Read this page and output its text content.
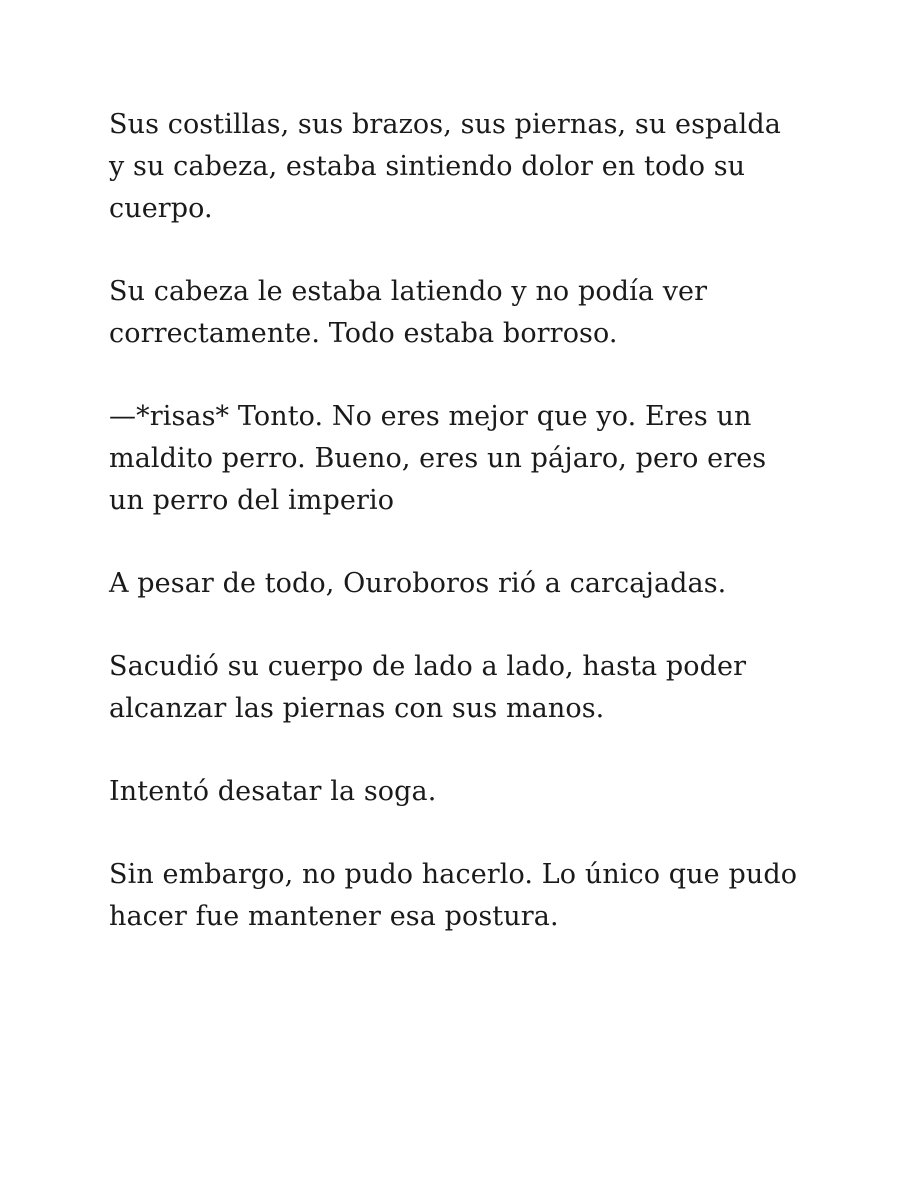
Sus costillas, sus brazos, sus piernas, su espalda y su cabeza, estaba sintiendo dolor en todo su cuerpo.

Su cabeza le estaba latiendo y no podía ver correctamente. Todo estaba borroso.

—*risas* Tonto. No eres mejor que yo. Eres un maldito perro. Bueno, eres un pájaro, pero eres un perro del imperio

A pesar de todo, Ouroboros rió a carcajadas.

Sacudió su cuerpo de lado a lado, hasta poder alcanzar las piernas con sus manos.

Intentó desatar la soga.

Sin embargo, no pudo hacerlo. Lo único que pudo hacer fue mantener esa postura.
